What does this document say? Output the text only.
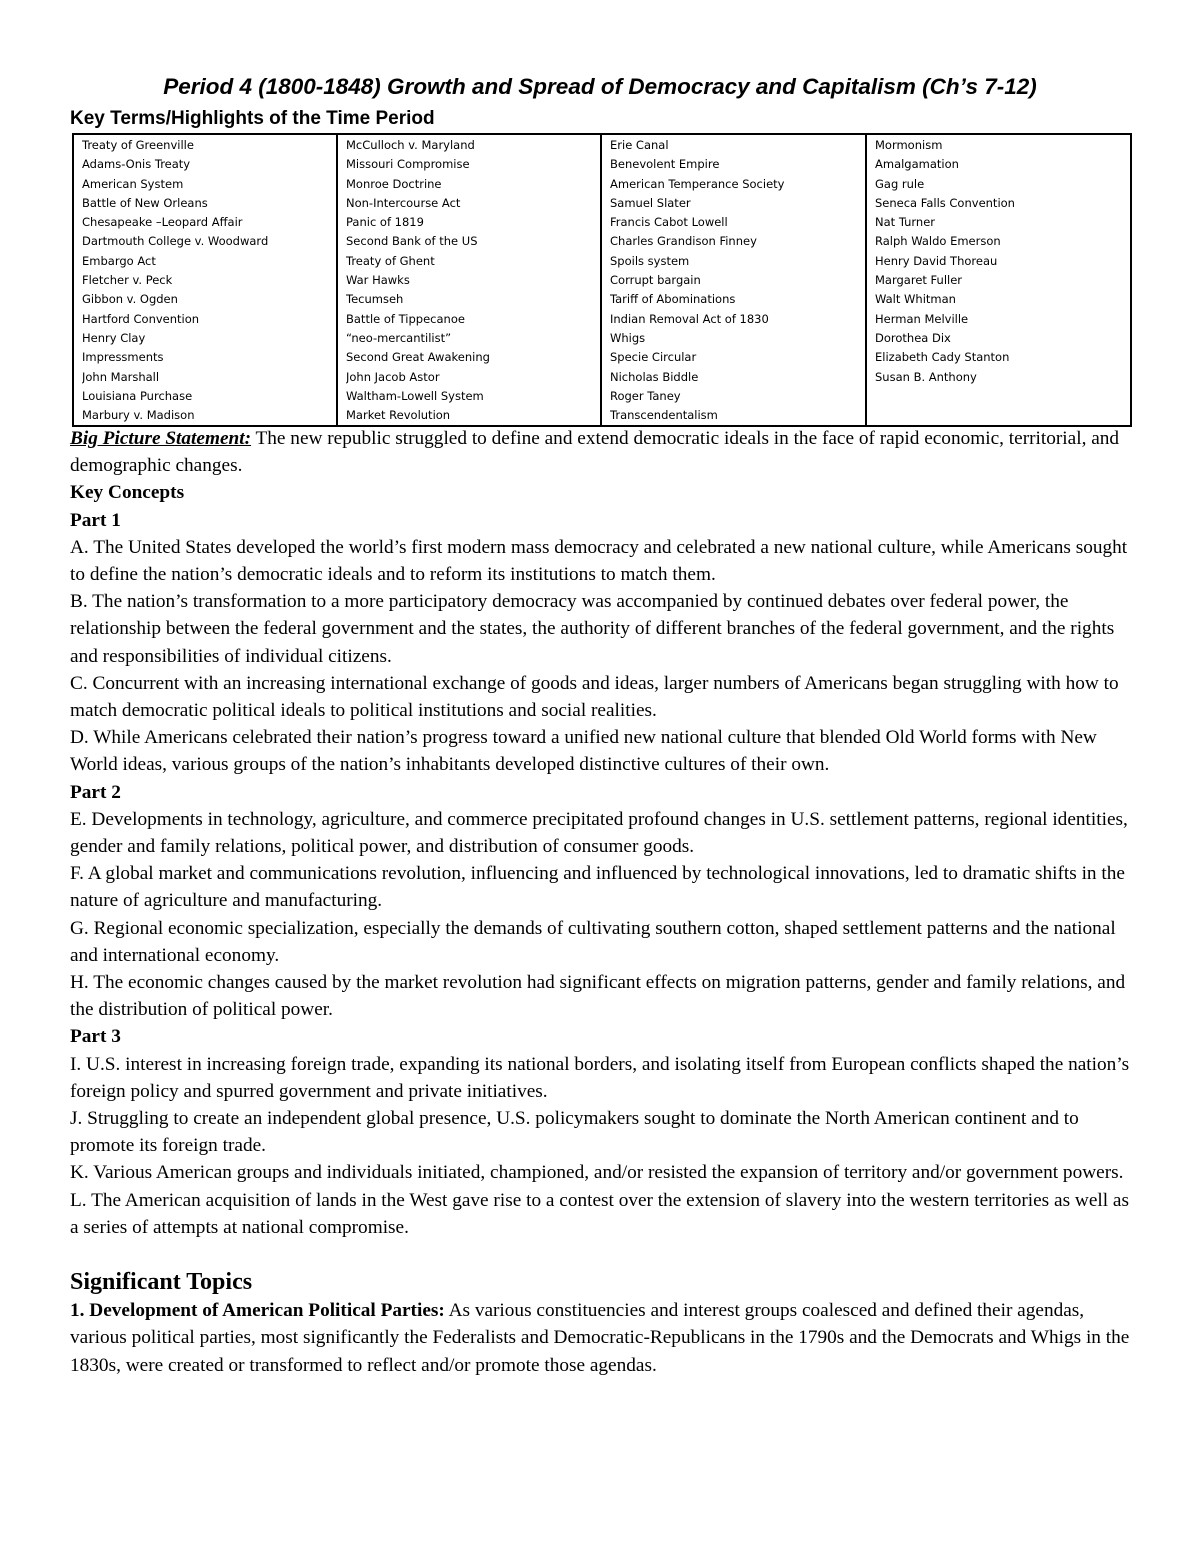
Period 4 (1800-1848) Growth and Spread of Democracy and Capitalism (Ch’s 7-12)
Key Terms/Highlights of the Time Period
Treaty of Greenville
Adams-Onis Treaty
American System
Battle of New Orleans
Chesapeake –Leopard Affair
Dartmouth College v. Woodward
Embargo Act
Fletcher v. Peck
Gibbon v. Ogden
Hartford Convention
Henry Clay
Impressments
John Marshall
Louisiana Purchase
Marbury v. Madison

McCulloch v. Maryland
Missouri Compromise
Monroe Doctrine
Non-Intercourse Act
Panic of 1819
Second Bank of the US
Treaty of Ghent
War Hawks
Tecumseh
Battle of Tippecanoe
“neo-mercantilist”
Second Great Awakening
John Jacob Astor
Waltham-Lowell System
Market Revolution

Erie Canal
Benevolent Empire
American Temperance Society
Samuel Slater
Francis Cabot Lowell
Charles Grandison Finney
Spoils system
Corrupt bargain
Tariff of Abominations
Indian Removal Act of 1830
Whigs
Specie Circular
Nicholas Biddle
Roger Taney
Transcendentalism

Mormonism
Amalgamation
Gag rule
Seneca Falls Convention
Nat Turner
Ralph Waldo Emerson
Henry David Thoreau
Margaret Fuller
Walt Whitman
Herman Melville
Dorothea Dix
Elizabeth Cady Stanton
Susan B. Anthony

Big Picture Statement: The new republic struggled to define and extend democratic ideals in the face of rapid economic, territorial, and demographic changes.

Key Concepts

Part 1

A. The United States developed the world’s first modern mass democracy and celebrated a new national culture, while Americans sought to define the nation’s democratic ideals and to reform its institutions to match them.

B. The nation’s transformation to a more participatory democracy was accompanied by continued debates over federal power, the relationship between the federal government and the states, the authority of different branches of the federal government, and the rights and responsibilities of individual citizens.

C. Concurrent with an increasing international exchange of goods and ideas, larger numbers of Americans began struggling with how to match democratic political ideals to political institutions and social realities.

D. While Americans celebrated their nation’s progress toward a unified new national culture that blended Old World forms with New World ideas, various groups of the nation’s inhabitants developed distinctive cultures of their own.

Part 2

E. Developments in technology, agriculture, and commerce precipitated profound changes in U.S. settlement patterns, regional identities, gender and family relations, political power, and distribution of consumer goods.

F. A global market and communications revolution, influencing and influenced by technological innovations, led to dramatic shifts in the nature of agriculture and manufacturing.

G. Regional economic specialization, especially the demands of cultivating southern cotton, shaped settlement patterns and the national and international economy.

H. The economic changes caused by the market revolution had significant effects on migration patterns, gender and family relations, and the distribution of political power.

Part 3

I. U.S. interest in increasing foreign trade, expanding its national borders, and isolating itself from European conflicts shaped the nation’s foreign policy and spurred government and private initiatives.

J. Struggling to create an independent global presence, U.S. policymakers sought to dominate the North American continent and to promote its foreign trade.

K. Various American groups and individuals initiated, championed, and/or resisted the expansion of territory and/or government powers.

L. The American acquisition of lands in the West gave rise to a contest over the extension of slavery into the western territories as well as a series of attempts at national compromise.

Significant Topics

1. Development of American Political Parties: As various constituencies and interest groups coalesced and defined their agendas, various political parties, most significantly the Federalists and Democratic-Republicans in the 1790s and the Democrats and Whigs in the 1830s, were created or transformed to reflect and/or promote those agendas.
